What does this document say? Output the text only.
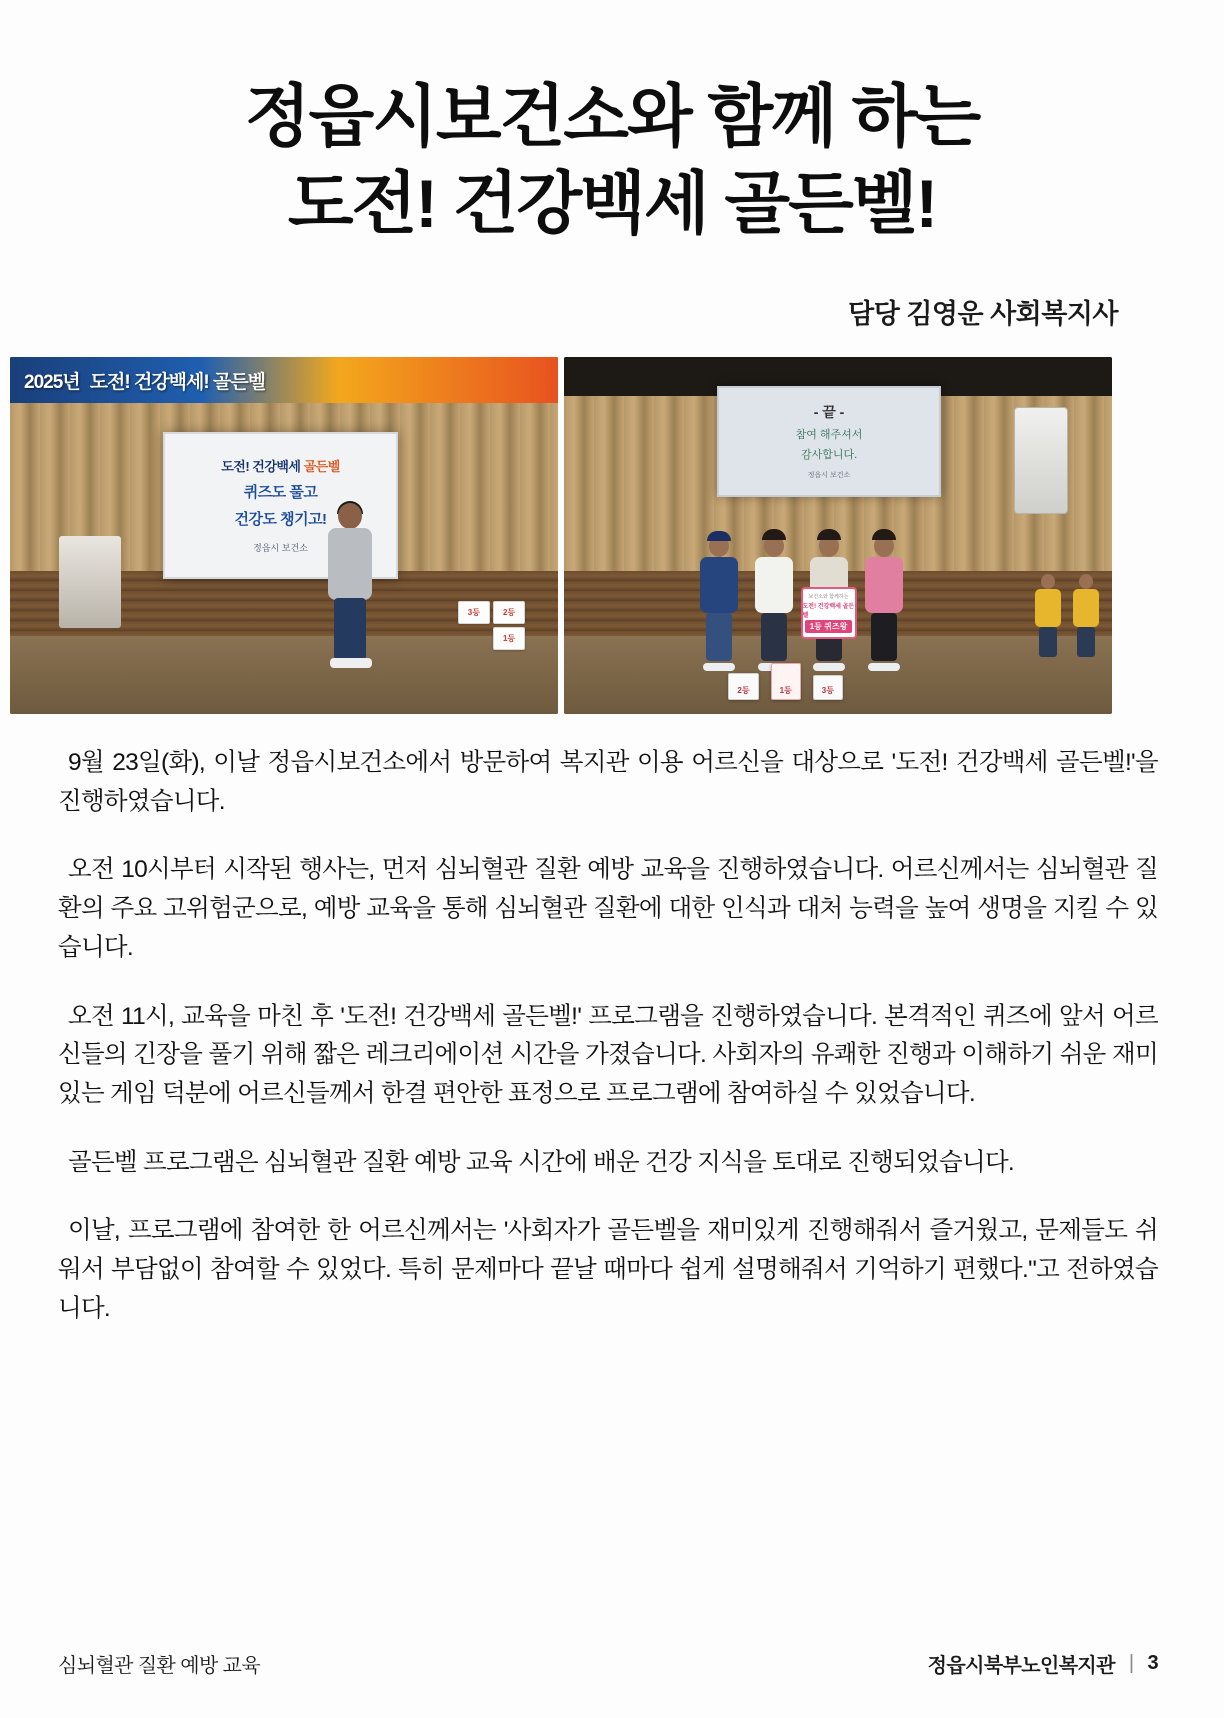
정읍시보건소와 함께 하는
도전! 건강백세 골든벨!
담당 김영운 사회복지사
2025년 도전! 건강백세! 골든벨
도전! 건강백세 골든벨
퀴즈도 풀고
건강도 챙기고!
정읍시 보건소
3등	2등
1등
- 끝 -
참여 해주셔서
감사합니다.
정읍시 보건소
보건소와 함께하는
도전! 건강백세 골든벨
1등 퀴즈왕
2등	1등	3등

9월 23일(화), 이날 정읍시보건소에서 방문하여 복지관 이용 어르신을 대상으로 '도전! 건강백세 골든벨!'을 진행하였습니다.

오전 10시부터 시작된 행사는, 먼저 심뇌혈관 질환 예방 교육을 진행하였습니다. 어르신께서는 심뇌혈관 질환의 주요 고위험군으로, 예방 교육을 통해 심뇌혈관 질환에 대한 인식과 대처 능력을 높여 생명을 지킬 수 있습니다.

오전 11시, 교육을 마친 후 '도전! 건강백세 골든벨!' 프로그램을 진행하였습니다. 본격적인 퀴즈에 앞서 어르신들의 긴장을 풀기 위해 짧은 레크리에이션 시간을 가졌습니다. 사회자의 유쾌한 진행과 이해하기 쉬운 재미있는 게임 덕분에 어르신들께서 한결 편안한 표정으로 프로그램에 참여하실 수 있었습니다.

골든벨 프로그램은 심뇌혈관 질환 예방 교육 시간에 배운 건강 지식을 토대로 진행되었습니다.

이날, 프로그램에 참여한 한 어르신께서는 '사회자가 골든벨을 재미있게 진행해줘서 즐거웠고, 문제들도 쉬워서 부담없이 참여할 수 있었다. 특히 문제마다 끝날 때마다 쉽게 설명해줘서 기억하기 편했다."고 전하였습니다.

심뇌혈관 질환 예방 교육	정읍시북부노인복지관 | 3
